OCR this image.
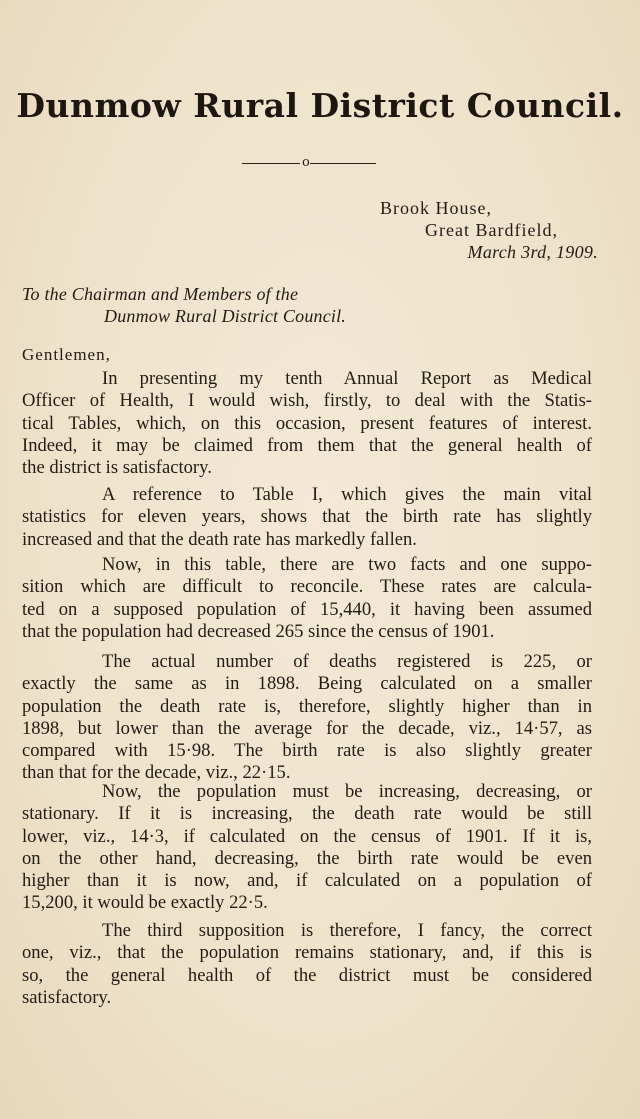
Dunmow Rural District Council.
o
Brook House,
Great Bardfield,
March 3rd, 1909.
To the Chairman and Members of the
Dunmow Rural District Council.
Gentlemen,
In presenting my tenth Annual Report as Medical
Officer of Health, I would wish, firstly, to deal with the Statis-
tical Tables, which, on this occasion, present features of interest.
Indeed, it may be claimed from them that the general health of
the district is satisfactory.
A reference to Table I, which gives the main vital
statistics for eleven years, shows that the birth rate has slightly
increased and that the death rate has markedly fallen.
Now, in this table, there are two facts and one suppo-
sition which are difficult to reconcile. These rates are calcula-
ted on a supposed population of 15,440, it having been assumed
that the population had decreased 265 since the census of 1901.
The actual number of deaths registered is 225, or
exactly the same as in 1898. Being calculated on a smaller
population the death rate is, therefore, slightly higher than in
1898, but lower than the average for the decade, viz., 14·57, as
compared with 15·98. The birth rate is also slightly greater
than that for the decade, viz., 22·15.
Now, the population must be increasing, decreasing, or
stationary. If it is increasing, the death rate would be still
lower, viz., 14·3, if calculated on the census of 1901. If it is,
on the other hand, decreasing, the birth rate would be even
higher than it is now, and, if calculated on a population of
15,200, it would be exactly 22·5.
The third supposition is therefore, I fancy, the correct
one, viz., that the population remains stationary, and, if this is
so, the general health of the district must be considered
satisfactory.
